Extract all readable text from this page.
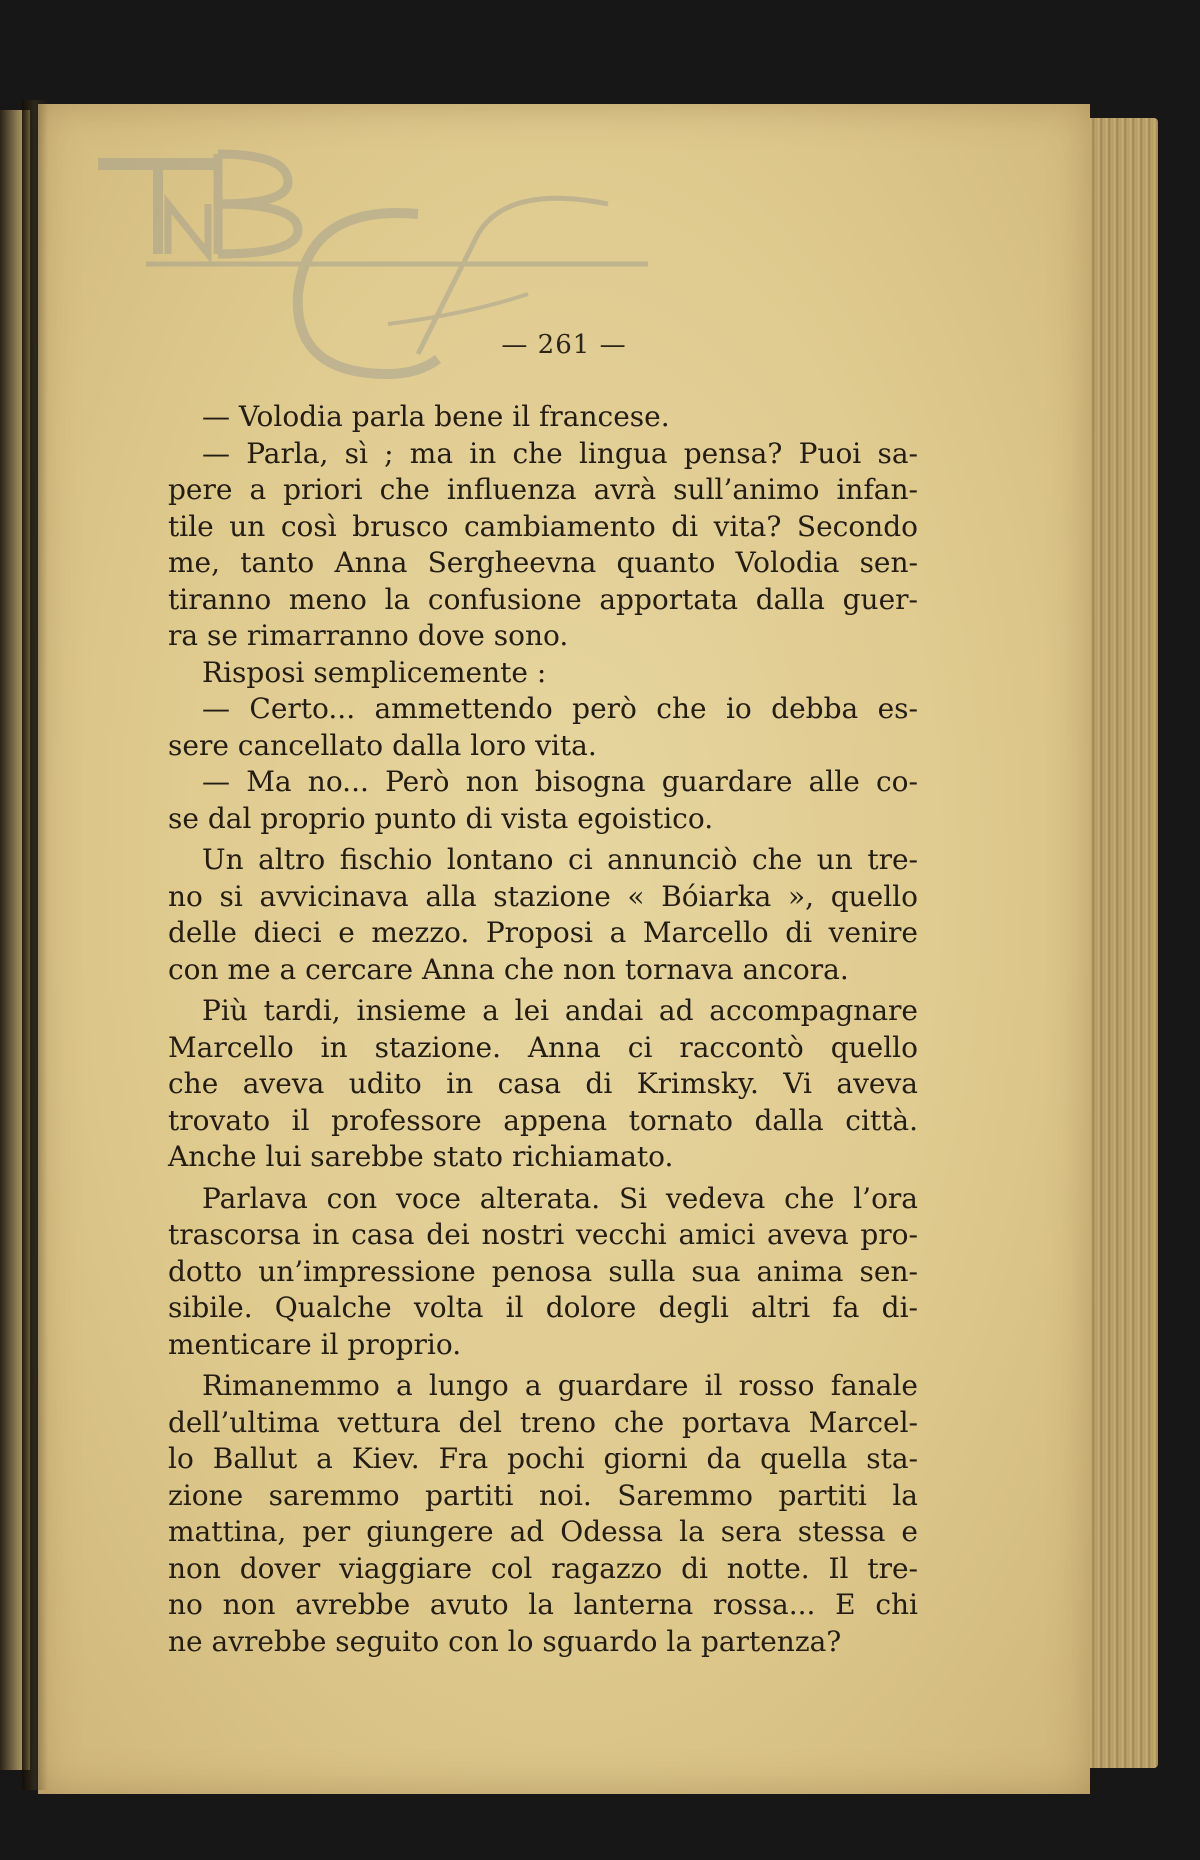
— 261 —
— Volodia parla bene il francese.
— Parla, sì ; ma in che lingua pensa? Puoi sa-
pere a priori che influenza avrà sull’animo infan-
tile un così brusco cambiamento di vita? Secondo
me, tanto Anna Sergheevna quanto Volodia sen-
tiranno meno la confusione apportata dalla guer-
ra se rimarranno dove sono.
Risposi semplicemente :
— Certo... ammettendo però che io debba es-
sere cancellato dalla loro vita.
— Ma no... Però non bisogna guardare alle co-
se dal proprio punto di vista egoistico.
Un altro fischio lontano ci annunciò che un tre-
no si avvicinava alla stazione « Bóiarka », quello
delle dieci e mezzo. Proposi a Marcello di venire
con me a cercare Anna che non tornava ancora.
Più tardi, insieme a lei andai ad accompagnare
Marcello in stazione. Anna ci raccontò quello
che aveva udito in casa di Krimsky. Vi aveva
trovato il professore appena tornato dalla città.
Anche lui sarebbe stato richiamato.
Parlava con voce alterata. Si vedeva che l’ora
trascorsa in casa dei nostri vecchi amici aveva pro-
dotto un’impressione penosa sulla sua anima sen-
sibile. Qualche volta il dolore degli altri fa di-
menticare il proprio.
Rimanemmo a lungo a guardare il rosso fanale
dell’ultima vettura del treno che portava Marcel-
lo Ballut a Kiev. Fra pochi giorni da quella sta-
zione saremmo partiti noi. Saremmo partiti la
mattina, per giungere ad Odessa la sera stessa e
non dover viaggiare col ragazzo di notte. Il tre-
no non avrebbe avuto la lanterna rossa... E chi
ne avrebbe seguito con lo sguardo la partenza?
